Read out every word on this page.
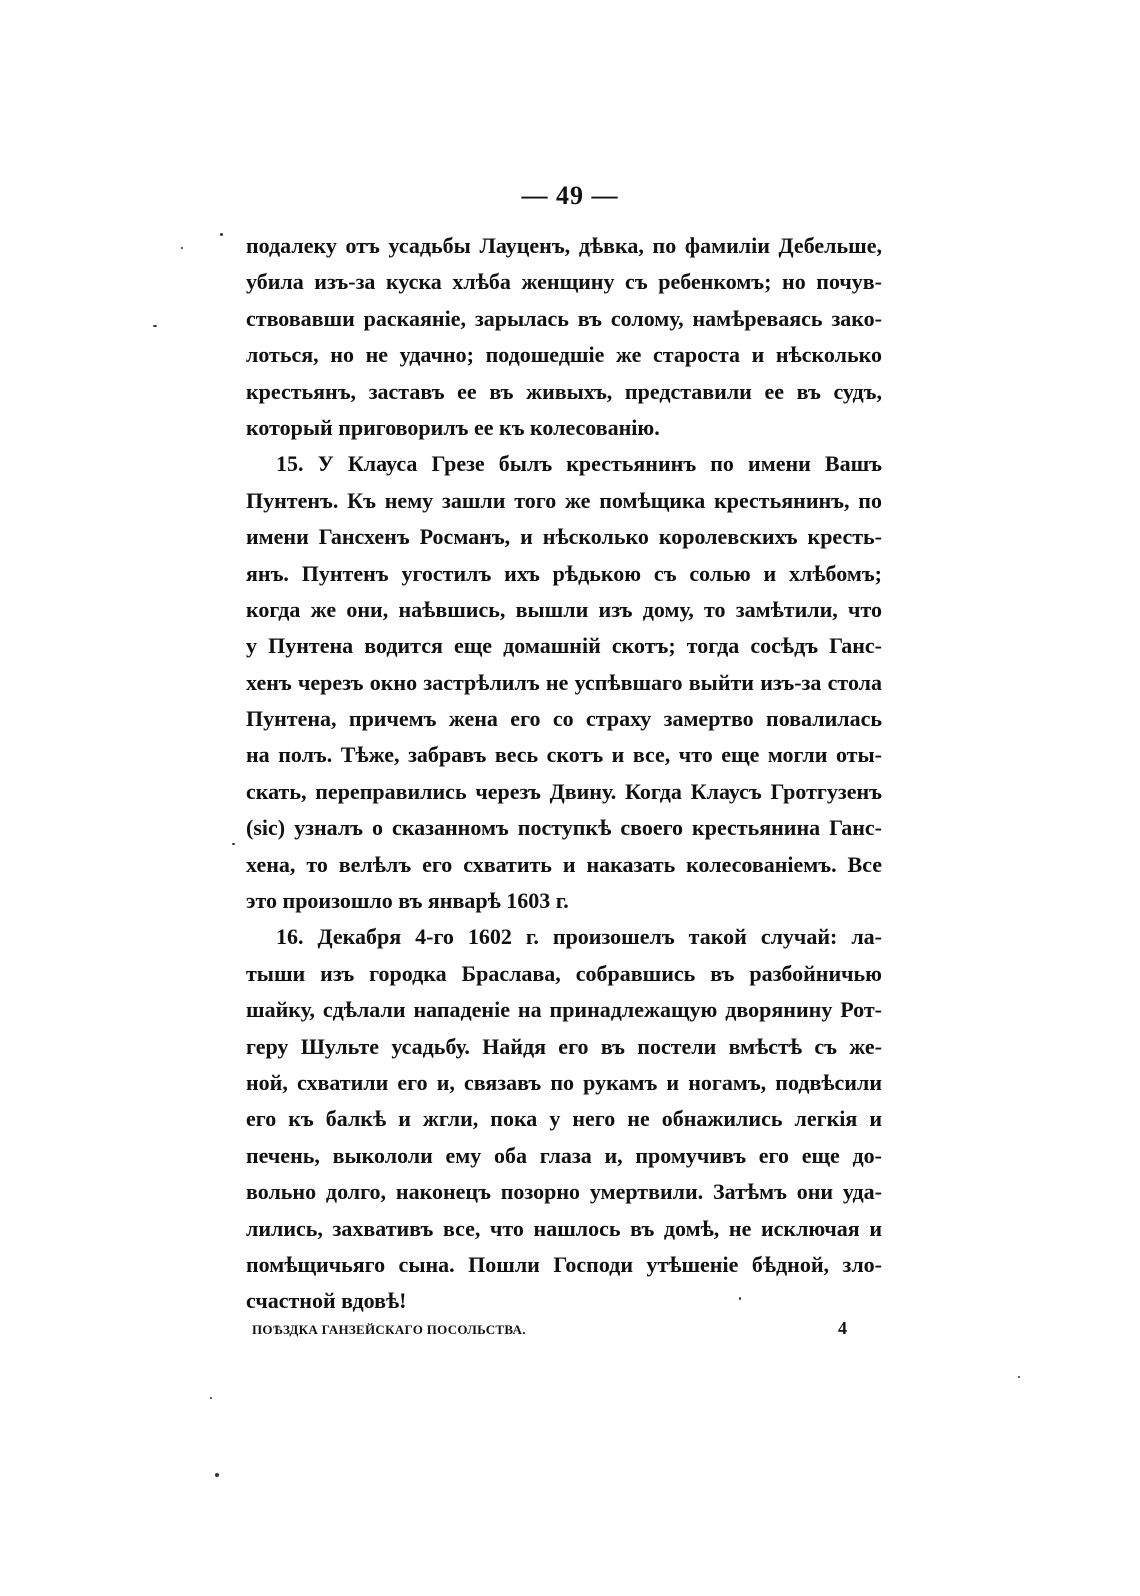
— 49 —
подалеку отъ усадьбы Лауценъ, дѣвка, по фамиліи Дебельше,
убила изъ-за куска хлѣба женщину съ ребенкомъ; но почув-
ствовавши раскаяніе, зарылась въ солому, намѣреваясь зако-
лоться, но не удачно; подошедшіе же староста и нѣсколько
крестьянъ, заставъ ее въ живыхъ, представили ее въ судъ,
который приговорилъ ее къ колесованію.
15. У Клауса Грезе былъ крестьянинъ по имени Вашъ
Пунтенъ. Къ нему зашли того же помѣщика крестьянинъ, по
имени Гансхенъ Росманъ, и нѣсколько королевскихъ кресть-
янъ. Пунтенъ угостилъ ихъ рѣдькою съ солью и хлѣбомъ;
когда же они, наѣвшись, вышли изъ дому, то замѣтили, что
у Пунтена водится еще домашній скотъ; тогда сосѣдъ Ганс-
хенъ черезъ окно застрѣлилъ не успѣвшаго выйти изъ-за стола
Пунтена, причемъ жена его со страху замертво повалилась
на полъ. Тѣже, забравъ весь скотъ и все, что еще могли оты-
скать, переправились черезъ Двину. Когда Клаусъ Гротгузенъ
(sic) узналъ о сказанномъ поступкѣ своего крестьянина Ганс-
хена, то велѣлъ его схватить и наказать колесованіемъ. Все
это произошло въ январѣ 1603 г.
16. Декабря 4-го 1602 г. произошелъ такой случай: ла-
тыши изъ городка Браслава, собравшись въ разбойничью
шайку, сдѣлали нападеніе на принадлежащую дворянину Рот-
геру Шульте усадьбу. Найдя его въ постели вмѣстѣ съ же-
ной, схватили его и, связавъ по рукамъ и ногамъ, подвѣсили
его къ балкѣ и жгли, пока у него не обнажились легкія и
печень, выкололи ему оба глаза и, промучивъ его еще до-
вольно долго, наконецъ позорно умертвили. Затѣмъ они уда-
лились, захвативъ все, что нашлось въ домѣ, не исключая и
помѣщичьяго сына. Пошли Господи утѣшеніе бѣдной, зло-
счастной вдовѣ!
ПОѢЗДКА ГАНЗЕЙСКАГО ПОСОЛЬСТВА.	4
